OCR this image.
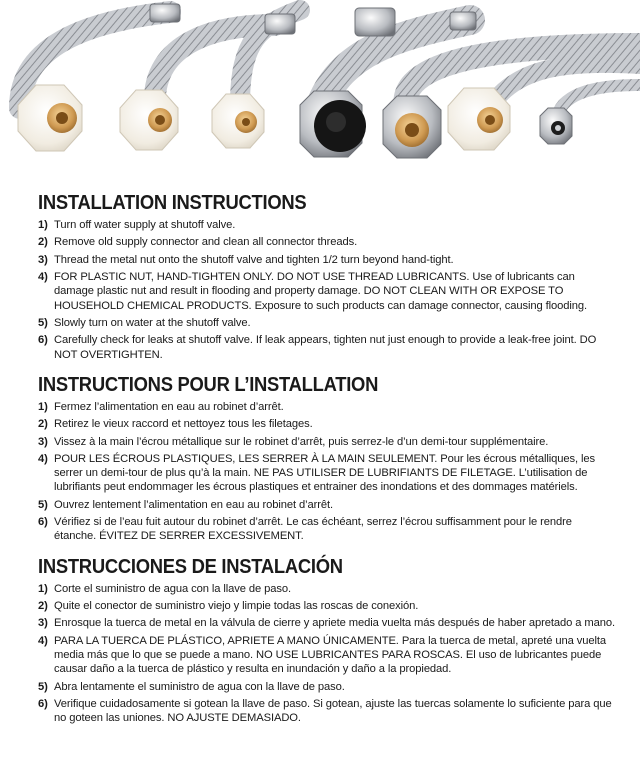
INSTALLATION INSTRUCTIONS
1) Turn off water supply at shutoff valve.
2) Remove old supply connector and clean all connector threads.
3) Thread the metal nut onto the shutoff valve and tighten 1/2 turn beyond hand-tight.
4) FOR PLASTIC NUT, HAND-TIGHTEN ONLY. DO NOT USE THREAD LUBRICANTS. Use of lubricants can damage plastic nut and result in flooding and property damage. DO NOT CLEAN WITH OR EXPOSE TO HOUSEHOLD CHEMICAL PRODUCTS. Exposure to such products can damage connector, causing flooding.
5) Slowly turn on water at the shutoff valve.
6) Carefully check for leaks at shutoff valve. If leak appears, tighten nut just enough to provide a leak-free joint. DO NOT OVERTIGHTEN.
INSTRUCTIONS POUR L’INSTALLATION
1) Fermez l’alimentation en eau au robinet d’arrêt.
2) Retirez le vieux raccord et nettoyez tous les filetages.
3) Vissez à la main l’écrou métallique sur le robinet d’arrêt, puis serrez-le d’un demi-tour supplémentaire.
4) POUR LES ÉCROUS PLASTIQUES, LES SERRER À LA MAIN SEULEMENT. Pour les écrous métalliques, les serrer un demi-tour de plus qu’à la main. NE PAS UTILISER DE LUBRIFIANTS DE FILETAGE. L’utilisation de lubrifiants peut endommager les écrous plastiques et entrainer des inondations et des dommages matériels.
5) Ouvrez lentement l’alimentation en eau au robinet d’arrêt.
6) Vérifiez si de l’eau fuit autour du robinet d’arrêt. Le cas échéant, serrez l’écrou suffisamment pour le rendre étanche. ÉVITEZ DE SERRER EXCESSIVEMENT.
INSTRUCCIONES DE INSTALACIÓN
1) Corte el suministro de agua con la llave de paso.
2) Quite el conector de suministro viejo y limpie todas las roscas de conexión.
3) Enrosque la tuerca de metal en la válvula de cierre y apriete media vuelta más después de haber apretado a mano.
4) PARA LA TUERCA DE PLÁSTICO, APRIETE A MANO ÚNICAMENTE. Para la tuerca de metal, apreté una vuelta media más que lo que se puede a mano. NO USE LUBRICANTES PARA ROSCAS. El uso de lubricantes puede causar daño a la tuerca de plástico y resulta en inundación y daño a la propiedad.
5) Abra lentamente el suministro de agua con la llave de paso.
6) Verifique cuidadosamente si gotean la llave de paso. Si gotean, ajuste las tuercas solamente lo suficiente para que no goteen las uniones. NO AJUSTE DEMASIADO.
